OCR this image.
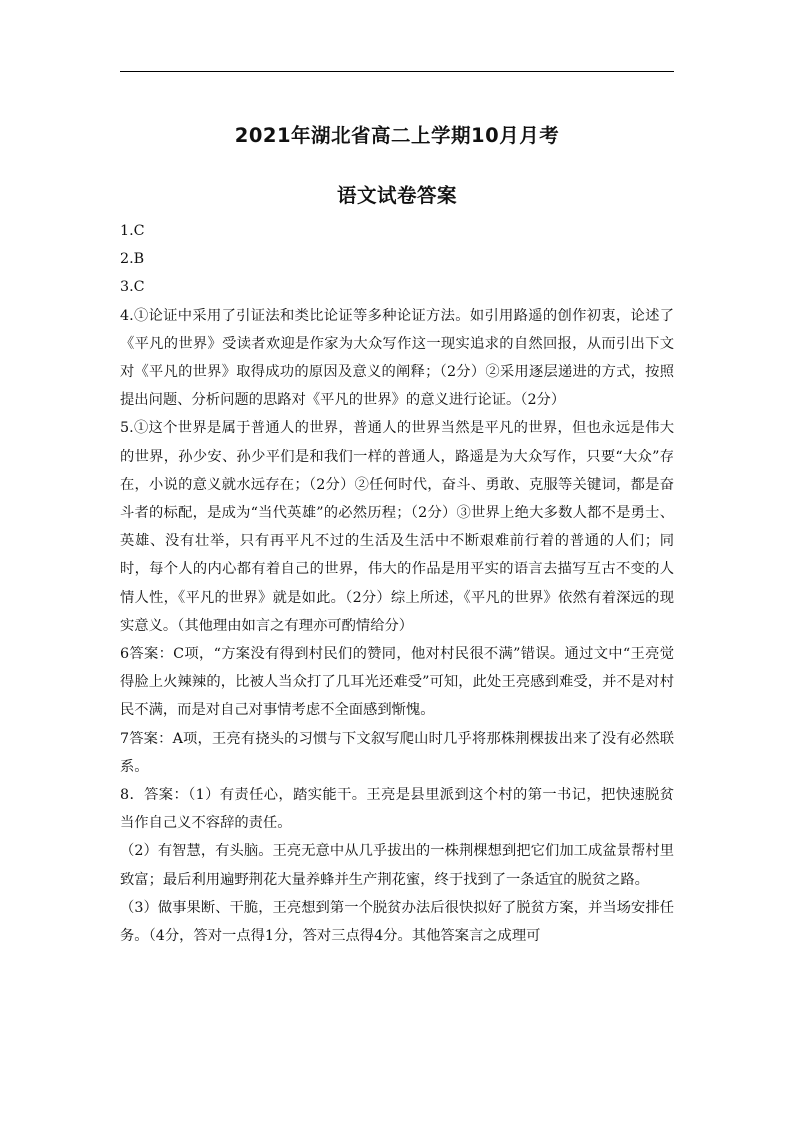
2021年湖北省高二上学期10月月考
语文试卷答案

1.C

2.B

3.C

4.①论证中采用了引证法和类比论证等多种论证方法。如引用路遥的创作初衷，论述了《平凡的世界》受读者欢迎是作家为大众写作这一现实追求的自然回报，从而引出下文对《平凡的世界》取得成功的原因及意义的阐释；（2分）②采用逐层递进的方式，按照提出问题、分析问题的思路对《平凡的世界》的意义进行论证。（2分）

5.①这个世界是属于普通人的世界，普通人的世界当然是平凡的世界，但也永远是伟大的世界，孙少安、孙少平们是和我们一样的普通人，路遥是为大众写作，只要“大众”存在，小说的意义就水远存在；（2分）②任何时代，奋斗、勇敢、克服等关键词，都是奋斗者的标配，是成为“当代英雄”的必然历程；（2分）③世界上绝大多数人都不是勇士、英雄、没有壮举，只有再平凡不过的生活及生活中不断艰难前行着的普通的人们；同时，每个人的内心都有着自己的世界，伟大的作品是用平实的语言去描写互古不变的人情人性，《平凡的世界》就是如此。（2分）综上所述，《平凡的世界》依然有着深远的现实意义。（其他理由如言之有理亦可酌情给分）

6答案：C项，“方案没有得到村民们的赞同，他对村民很不满”错误。通过文中“王亮觉得脸上火辣辣的，比被人当众打了几耳光还难受”可知，此处王亮感到难受，并不是对村民不满，而是对自己对事情考虑不全面感到惭愧。

7答案：A项，王亮有挠头的习惯与下文叙写爬山时几乎将那株荆棵拔出来了没有必然联系。

8．答案：（1）有责任心，踏实能干。王亮是县里派到这个村的第一书记，把快速脱贫当作自己义不容辞的责任。

（2）有智慧，有头脑。王亮无意中从几乎拔出的一株荆棵想到把它们加工成盆景帮村里致富；最后利用遍野荆花大量养蜂并生产荆花蜜，终于找到了一条适宜的脱贫之路。

（3）做事果断、干脆，王亮想到第一个脱贫办法后很快拟好了脱贫方案，并当场安排任务。（4分，答对一点得1分，答对三点得4分。其他答案言之成理可
